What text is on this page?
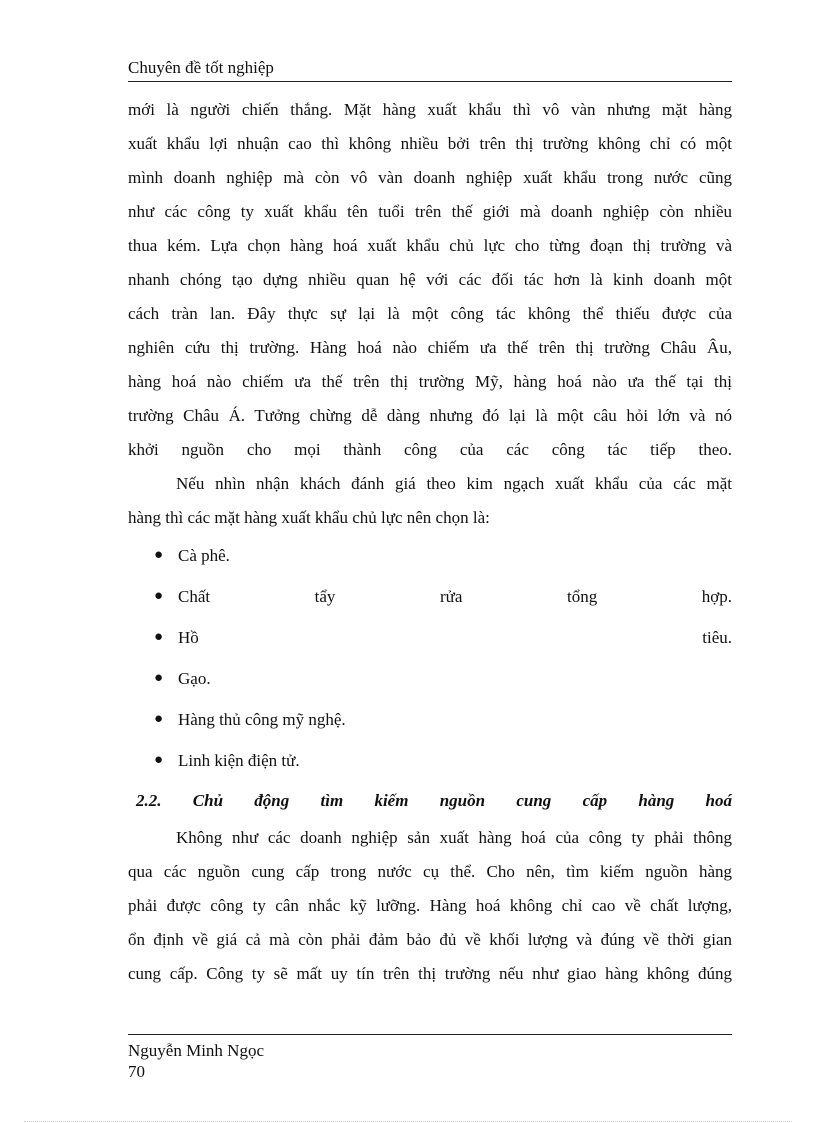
Chuyên đề tốt nghiệp
mới là người chiến thắng. Mặt hàng xuất khẩu thì vô vàn nhưng mặt hàng
xuất khẩu lợi nhuận cao thì không nhiều bởi trên thị trường không chỉ có một
mình doanh nghiệp mà còn vô vàn doanh nghiệp xuất khẩu trong nước cũng
như các công ty xuất khẩu tên tuổi trên thế giới mà doanh nghiệp còn nhiều
thua kém. Lựa chọn hàng hoá xuất khẩu chủ lực cho từng đoạn thị trường và
nhanh chóng tạo dựng nhiều quan hệ với các đối tác hơn là kinh doanh một
cách tràn lan. Đây thực sự lại là một công tác không thể thiếu được của
nghiên cứu thị trường. Hàng hoá nào chiếm ưa thế trên thị trường Châu Âu,
hàng hoá nào chiếm ưa thế trên thị trường Mỹ, hàng hoá nào ưa thế tại thị
trường Châu Á. Tưởng chừng dễ dàng nhưng đó lại là một câu hỏi lớn và nó
khởi nguồn cho mọi thành công của các công tác tiếp theo.
Nếu nhìn nhận khách đánh giá theo kim ngạch xuất khẩu của các mặt
hàng thì các mặt hàng xuất khẩu chủ lực nên chọn là:
● Cà phê.
● Chất tẩy rửa tổng hợp.
● Hồ tiêu.
● Gạo.
● Hàng thủ công mỹ nghệ.
● Linh kiện điện tử.
2.2. Chủ động tìm kiếm nguồn cung cấp hàng hoá
Không như các doanh nghiệp sản xuất hàng hoá của công ty phải thông
qua các nguồn cung cấp trong nước cụ thể. Cho nên, tìm kiếm nguồn hàng
phải được công ty cân nhắc kỹ lưỡng. Hàng hoá không chỉ cao về chất lượng,
ổn định về giá cả mà còn phải đảm bảo đủ về khối lượng và đúng về thời gian
cung cấp. Công ty sẽ mất uy tín trên thị trường nếu như giao hàng không đúng
Nguyễn Minh Ngọc
70
